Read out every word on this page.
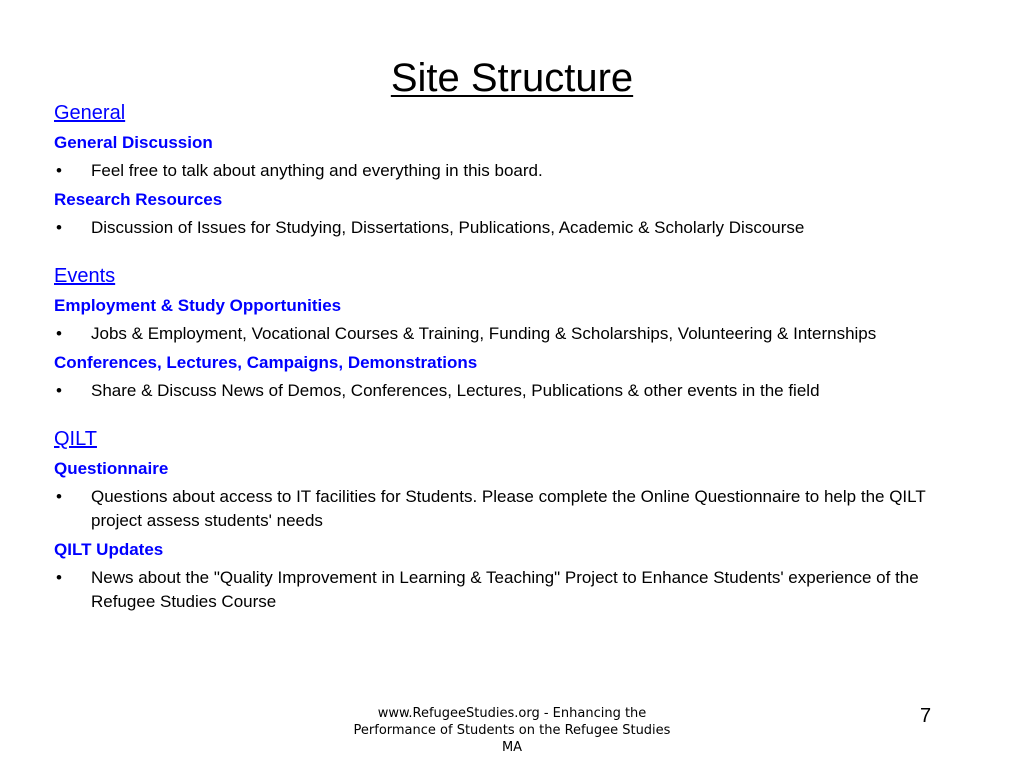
Site Structure
General
General Discussion
• Feel free to talk about anything and everything in this board.
Research Resources
• Discussion of Issues for Studying, Dissertations, Publications, Academic & Scholarly Discourse
Events
Employment & Study Opportunities
• Jobs & Employment, Vocational Courses & Training, Funding & Scholarships, Volunteering & Internships
Conferences, Lectures, Campaigns, Demonstrations
• Share & Discuss News of Demos, Conferences, Lectures, Publications & other events in the field
QILT
Questionnaire
• Questions about access to IT facilities for Students. Please complete the Online Questionnaire to help the QILT project assess students' needs
QILT Updates
• News about the "Quality Improvement in Learning & Teaching" Project to Enhance Students' experience of the Refugee Studies Course
www.RefugeeStudies.org - Enhancing the Performance of Students on the Refugee Studies MA
7
